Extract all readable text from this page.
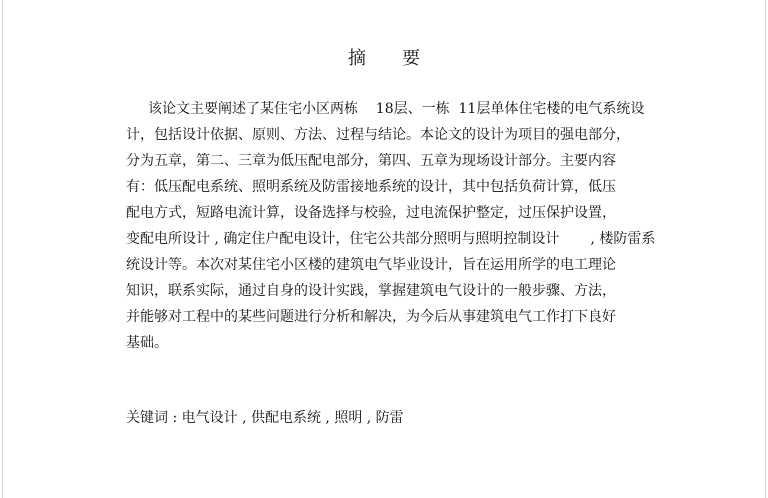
摘要
该论文主要阐述了某住宅小区两栋    18层、一栋  11层单体住宅楼的电气系统设
计，包括设计依据、原则、方法、过程与结论。本论文的设计为项目的强电部分，
分为五章，第二、三章为低压配电部分，第四、五章为现场设计部分。主要内容
有：低压配电系统、照明系统及防雷接地系统的设计，其中包括负荷计算，低压
配电方式，短路电流计算，设备选择与校验，过电流保护整定，过压保护设置，
变配电所设计 , 确定住户配电设计，住宅公共部分照明与照明控制设计       , 楼防雷系
统设计等。本次对某住宅小区楼的建筑电气毕业设计，旨在运用所学的电工理论
知识，联系实际，通过自身的设计实践，掌握建筑电气设计的一般步骤、方法，
并能够对工程中的某些问题进行分析和解决，为今后从事建筑电气工作打下良好
基础。
关键词 : 电气设计 , 供配电系统 , 照明 , 防雷
